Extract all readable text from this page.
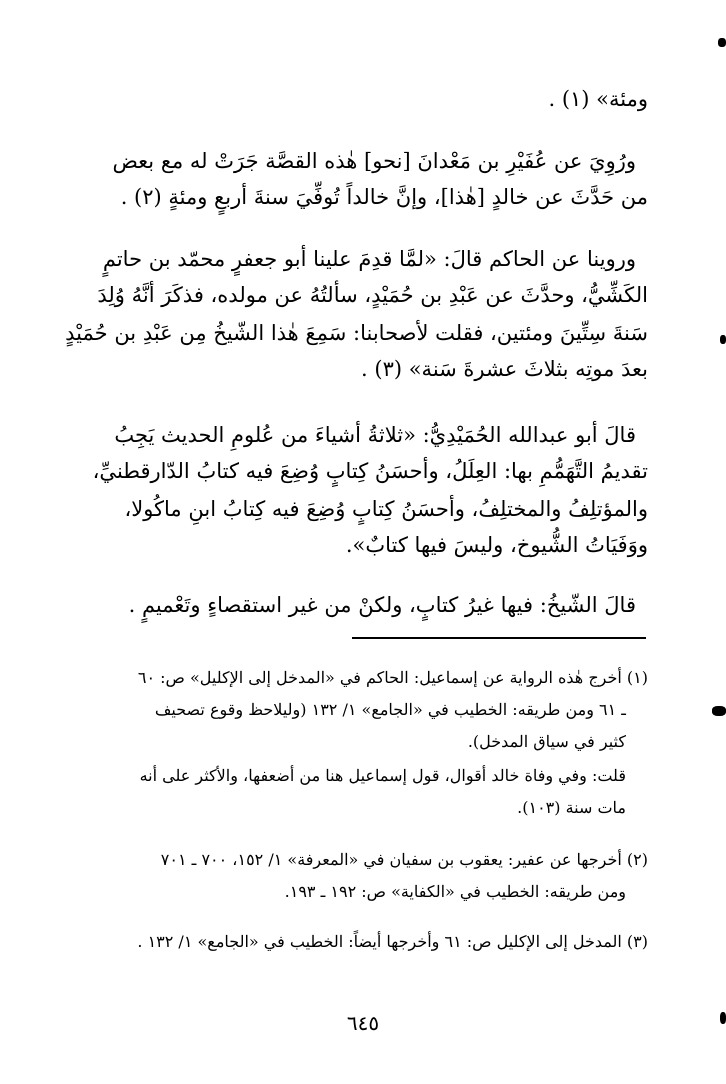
ومئة» (١) .
ورُوِيَ عن عُفَيْرِ بن مَعْدانَ [نحو] هٰذه القصَّة جَرَتْ له مع بعض
من حَدَّثَ عن خالدٍ [هٰذا]، وإنَّ خالداً تُوفِّيَ سنةَ أربعٍ ومئةٍ (٢) .
وروينا عن الحاكم قالَ: «لمَّا قدِمَ علينا أبو جعفرٍ محمّد بن حاتمٍ
الكَشِّيُّ، وحدَّثَ عن عَبْدِ بن حُمَيْدٍ، سألتُهُ عن مولده، فذكَرَ أنَّهُ وُلِدَ
سَنةَ سِتِّينَ ومئتين، فقلت لأصحابنا: سَمِعَ هٰذا الشّيخُ مِن عَبْدِ بن حُمَيْدٍ
بعدَ موتِه بثلاثَ عشرةَ سَنة» (٣) .
قالَ أبو عبدالله الحُمَيْدِيُّ: «ثلاثةُ أشياءَ من عُلومِ الحديث يَجِبُ
تقديمُ التَّهَمُّمِ بها: العِلَلُ، وأحسَنُ كِتابٍ وُضِعَ فيه كتابُ الدّارقطنيِّ،
والمؤتلِفُ والمختلِفُ، وأحسَنُ كِتابٍ وُضِعَ فيه كِتابُ ابنِ ماكُولا،
ووَفَيَاتُ الشُّيوخ، وليسَ فيها كتابٌ».
قالَ الشّيخُ: فيها غيرُ كتابٍ، ولكنْ من غير استقصاءٍ وتَعْميمٍ .
(١) أخرج هٰذه الرواية عن إسماعيل: الحاكم في «المدخل إلى الإكليل» ص: ٦٠
ـ ٦١ ومن طريقه: الخطيب في «الجامع» ١/ ١٣٢ (وليلاحظ وقوع تصحيف
كثير في سياق المدخل).
قلت: وفي وفاة خالد أقوال، قول إسماعيل هنا من أضعفها، والأكثر على أنه
مات سنة (١٠٣).
(٢) أخرجها عن عفير: يعقوب بن سفيان في «المعرفة» ١/ ١٥٢، ٧٠٠ ـ ٧٠١
ومن طريقه: الخطيب في «الكفاية» ص: ١٩٢ ـ ١٩٣.
(٣) المدخل إلى الإكليل ص: ٦١ وأخرجها أيضاً: الخطيب في «الجامع» ١/ ١٣٢ .
٦٤٥
